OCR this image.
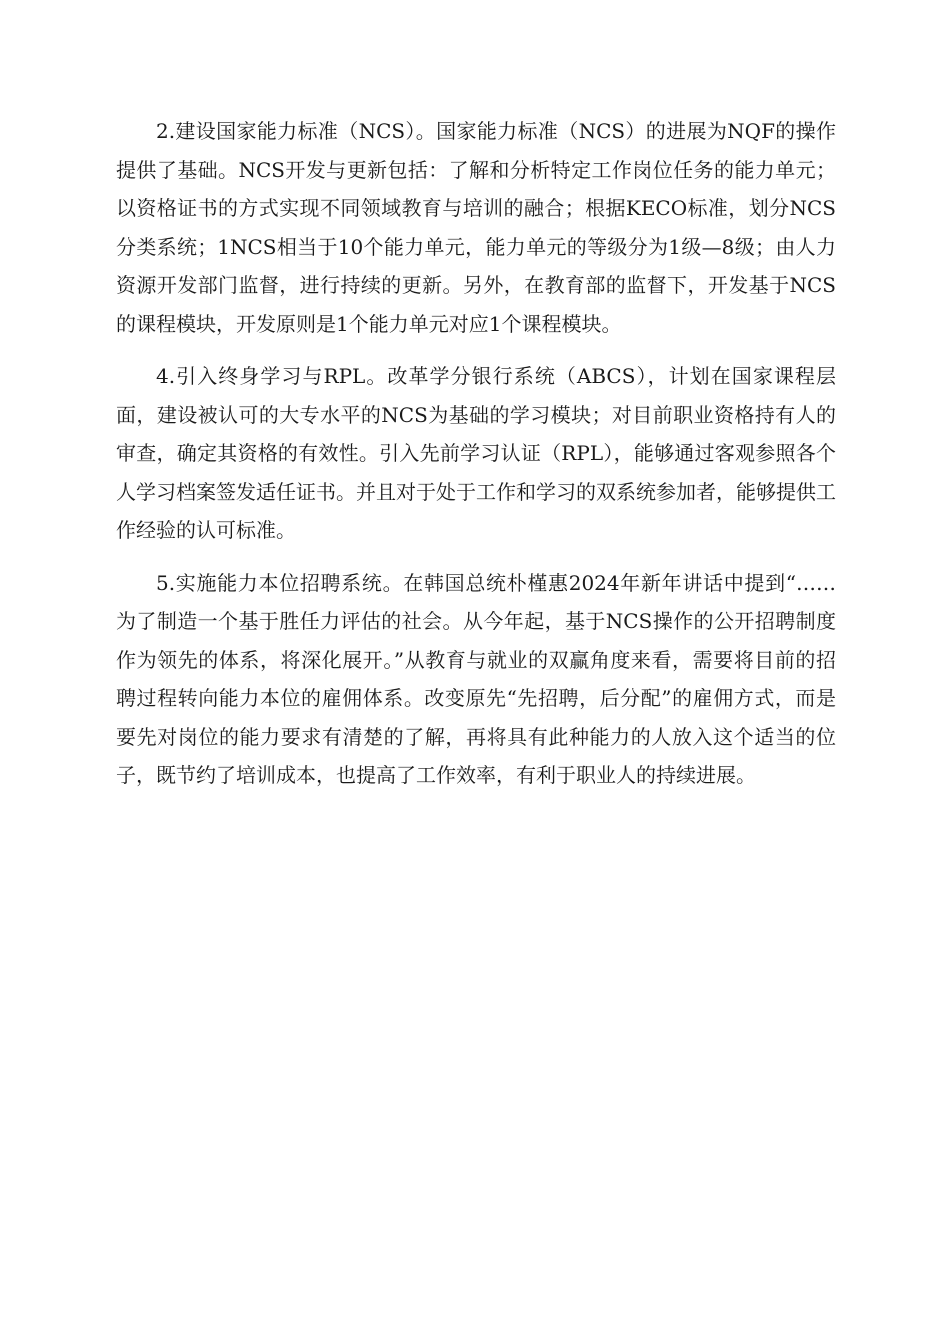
2.建设国家能力标准（NCS）。国家能力标准（NCS）的进展为NQF的操作提供了基础。NCS开发与更新包括：了解和分析特定工作岗位任务的能力单元；以资格证书的方式实现不同领域教育与培训的融合；根据KECO标准，划分NCS分类系统；1NCS相当于10个能力单元，能力单元的等级分为1级—8级；由人力资源开发部门监督，进行持续的更新。另外，在教育部的监督下，开发基于NCS的课程模块，开发原则是1个能力单元对应1个课程模块。

4.引入终身学习与RPL。改革学分银行系统（ABCS），计划在国家课程层面，建设被认可的大专水平的NCS为基础的学习模块；对目前职业资格持有人的审查，确定其资格的有效性。引入先前学习认证（RPL），能够通过客观参照各个人学习档案签发适任证书。并且对于处于工作和学习的双系统参加者，能够提供工作经验的认可标准。

5.实施能力本位招聘系统。在韩国总统朴槿惠2024年新年讲话中提到“……为了制造一个基于胜任力评估的社会。从今年起，基于NCS操作的公开招聘制度作为领先的体系，将深化展开。”从教育与就业的双赢角度来看，需要将目前的招聘过程转向能力本位的雇佣体系。改变原先“先招聘，后分配”的雇佣方式，而是要先对岗位的能力要求有清楚的了解，再将具有此种能力的人放入这个适当的位子，既节约了培训成本，也提高了工作效率，有利于职业人的持续进展。
